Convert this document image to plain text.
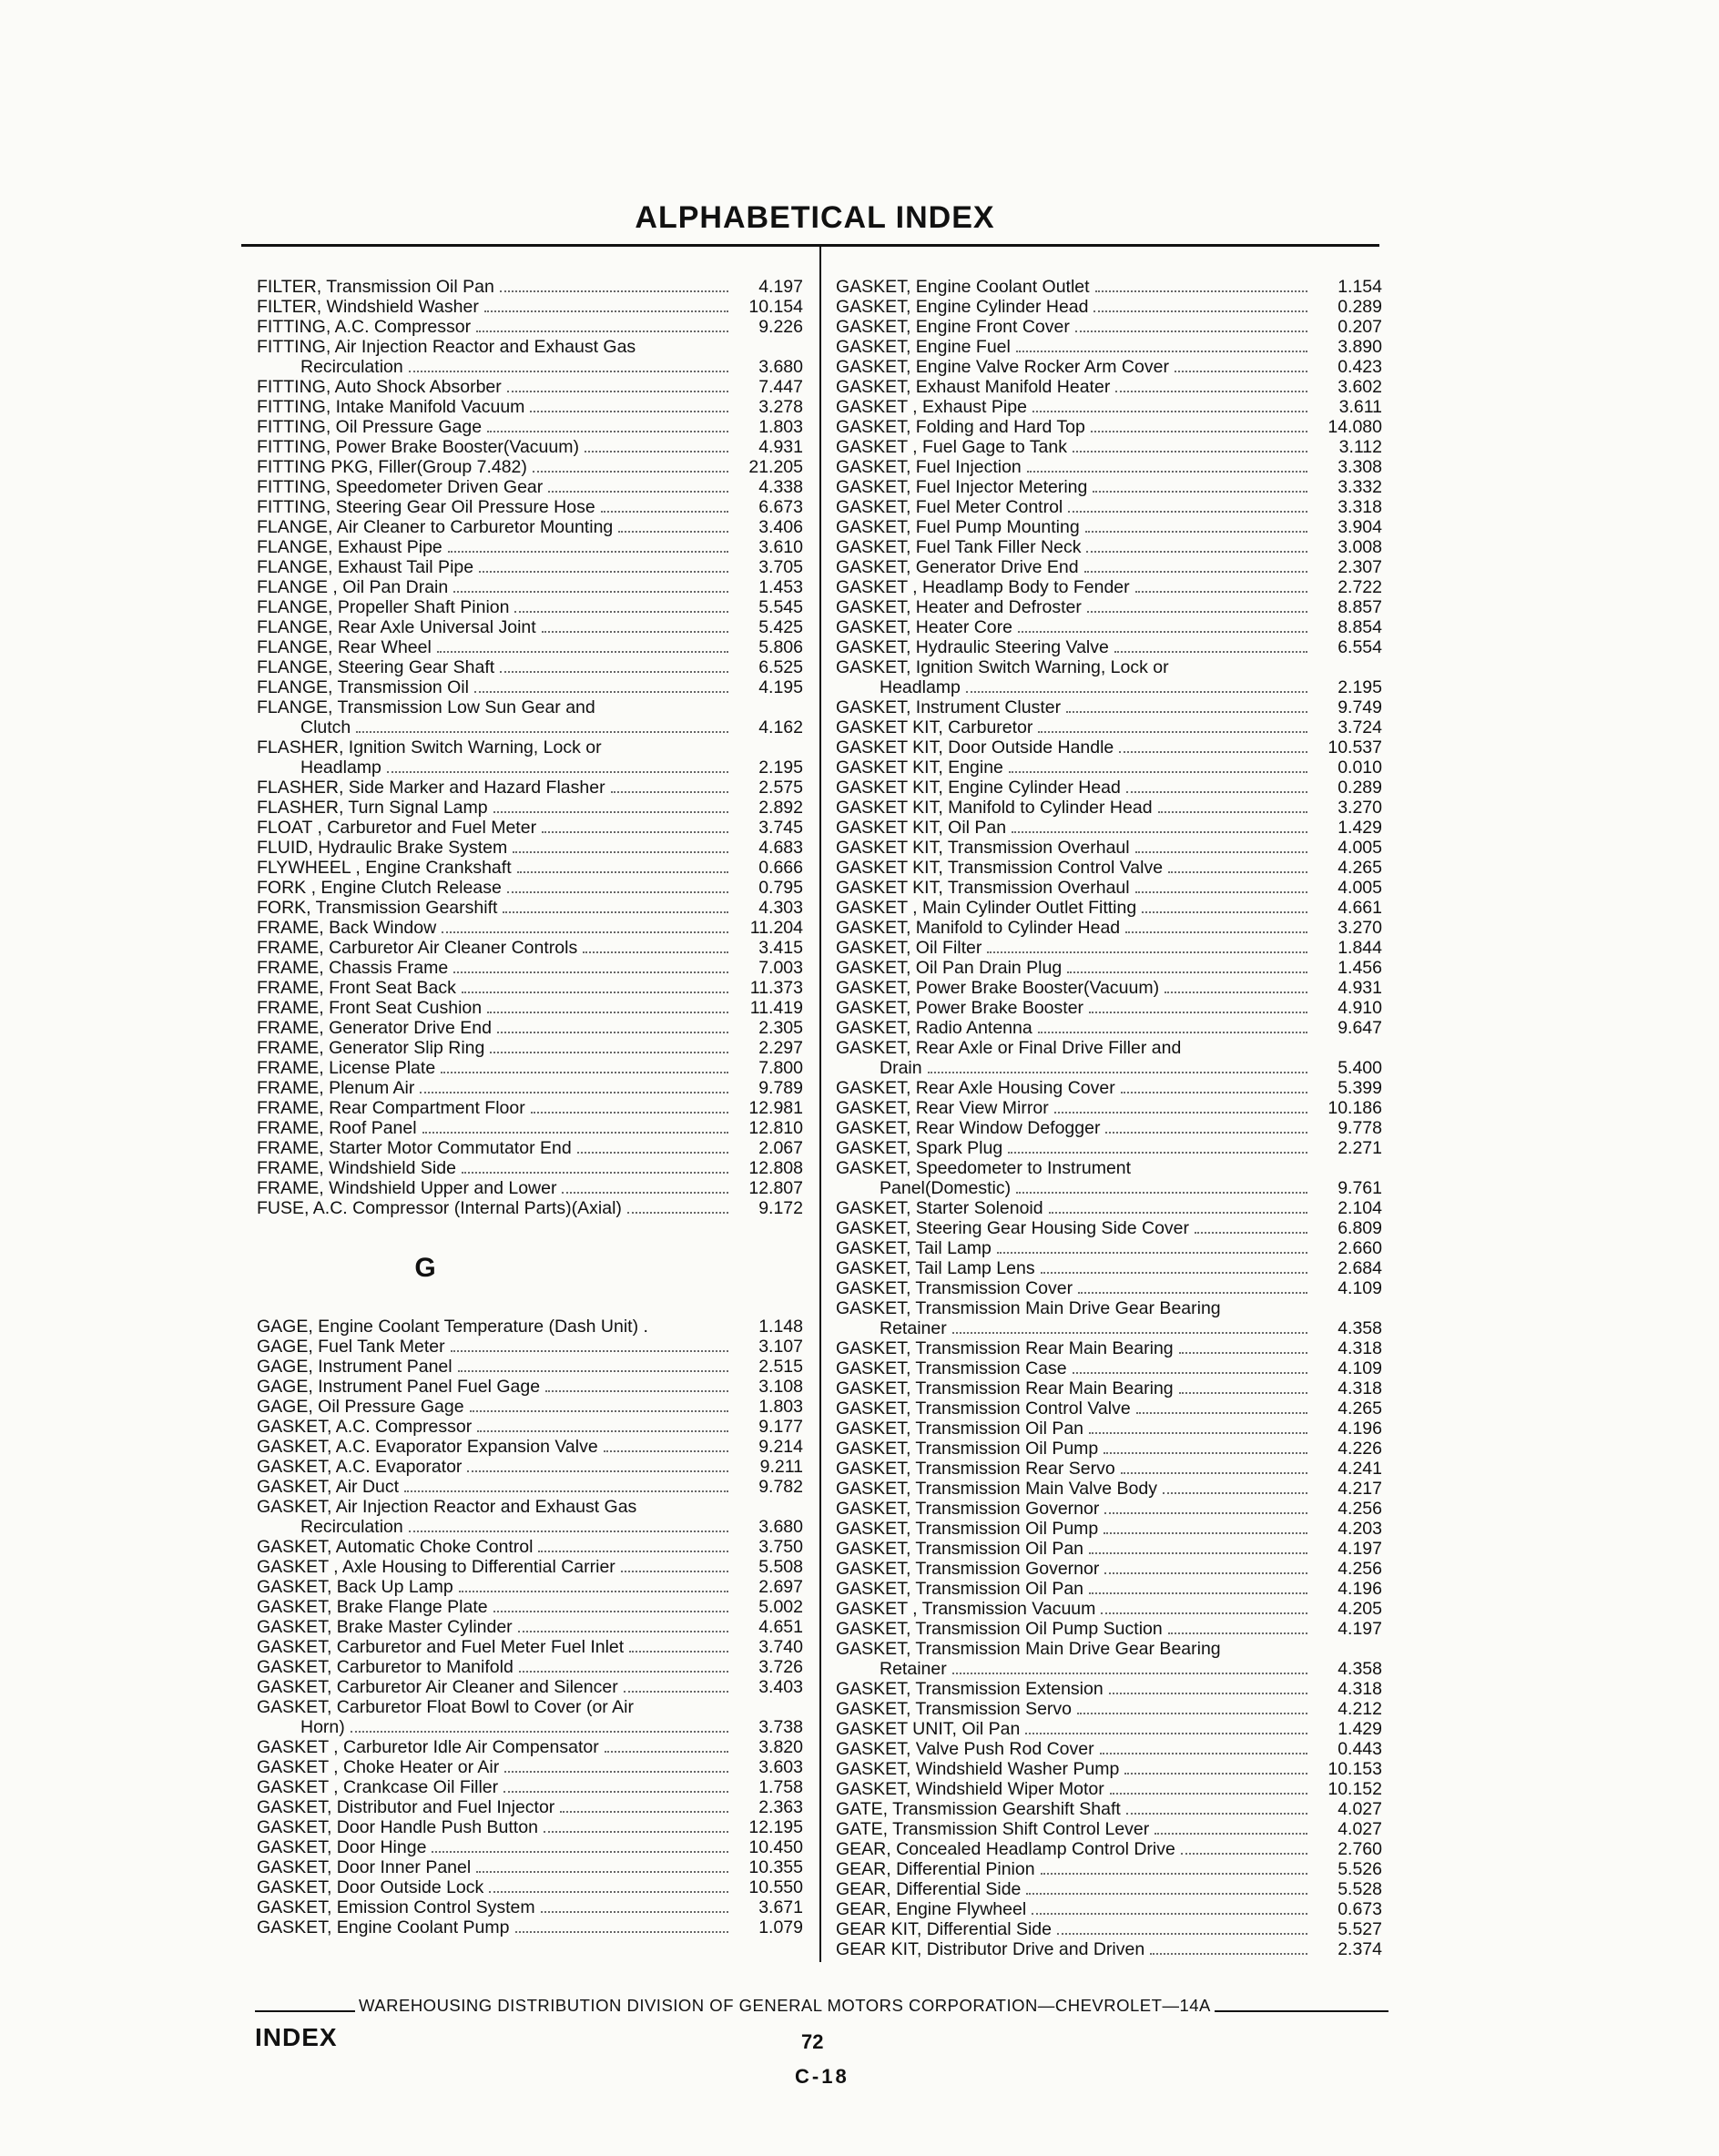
ALPHABETICAL INDEX
FILTER, Transmission Oil Pan	4.197
FILTER, Windshield Washer	10.154
FITTING, A.C. Compressor	9.226
FITTING, Air Injection Reactor and Exhaust Gas
Recirculation	3.680
FITTING, Auto Shock Absorber	7.447
FITTING, Intake Manifold Vacuum	3.278
FITTING, Oil Pressure Gage	1.803
FITTING, Power Brake Booster(Vacuum)	4.931
FITTING PKG, Filler(Group 7.482)	21.205
FITTING, Speedometer Driven Gear	4.338
FITTING, Steering Gear Oil Pressure Hose	6.673
FLANGE, Air Cleaner to Carburetor Mounting	3.406
FLANGE, Exhaust Pipe	3.610
FLANGE, Exhaust Tail Pipe	3.705
FLANGE , Oil Pan Drain	1.453
FLANGE, Propeller Shaft Pinion	5.545
FLANGE, Rear Axle Universal Joint	5.425
FLANGE, Rear Wheel	5.806
FLANGE, Steering Gear Shaft	6.525
FLANGE, Transmission Oil	4.195
FLANGE, Transmission Low Sun Gear and
Clutch	4.162
FLASHER, Ignition Switch Warning, Lock or
Headlamp	2.195
FLASHER, Side Marker and Hazard Flasher	2.575
FLASHER, Turn Signal Lamp	2.892
FLOAT , Carburetor and Fuel Meter	3.745
FLUID, Hydraulic Brake System	4.683
FLYWHEEL , Engine Crankshaft	0.666
FORK , Engine Clutch Release	0.795
FORK, Transmission Gearshift	4.303
FRAME, Back Window	11.204
FRAME, Carburetor Air Cleaner Controls	3.415
FRAME, Chassis Frame	7.003
FRAME, Front Seat Back	11.373
FRAME, Front Seat Cushion	11.419
FRAME, Generator Drive End	2.305
FRAME, Generator Slip Ring	2.297
FRAME, License Plate	7.800
FRAME, Plenum Air	9.789
FRAME, Rear Compartment Floor	12.981
FRAME, Roof Panel	12.810
FRAME, Starter Motor Commutator End	2.067
FRAME, Windshield Side	12.808
FRAME, Windshield Upper and Lower	12.807
FUSE, A.C. Compressor (Internal Parts)(Axial)	9.172
G
GAGE, Engine Coolant Temperature (Dash Unit) .	1.148
GAGE, Fuel Tank Meter	3.107
GAGE, Instrument Panel	2.515
GAGE, Instrument Panel Fuel Gage	3.108
GAGE, Oil Pressure Gage	1.803
GASKET, A.C. Compressor	9.177
GASKET, A.C. Evaporator Expansion Valve	9.214
GASKET, A.C. Evaporator	9.211
GASKET, Air Duct	9.782
GASKET, Air Injection Reactor and Exhaust Gas
Recirculation	3.680
GASKET, Automatic Choke Control	3.750
GASKET , Axle Housing to Differential Carrier	5.508
GASKET, Back Up Lamp	2.697
GASKET, Brake Flange Plate	5.002
GASKET, Brake Master Cylinder	4.651
GASKET, Carburetor and Fuel Meter Fuel Inlet	3.740
GASKET, Carburetor to Manifold	3.726
GASKET, Carburetor Air Cleaner and Silencer	3.403
GASKET, Carburetor Float Bowl to Cover (or Air
Horn)	3.738
GASKET , Carburetor Idle Air Compensator	3.820
GASKET , Choke Heater or Air	3.603
GASKET , Crankcase Oil Filler	1.758
GASKET, Distributor and Fuel Injector	2.363
GASKET, Door Handle Push Button	12.195
GASKET, Door Hinge	10.450
GASKET, Door Inner Panel	10.355
GASKET, Door Outside Lock	10.550
GASKET, Emission Control System	3.671
GASKET, Engine Coolant Pump	1.079
GASKET, Engine Coolant Outlet	1.154
GASKET, Engine Cylinder Head	0.289
GASKET, Engine Front Cover	0.207
GASKET, Engine Fuel	3.890
GASKET, Engine Valve Rocker Arm Cover	0.423
GASKET, Exhaust Manifold Heater	3.602
GASKET , Exhaust Pipe	3.611
GASKET, Folding and Hard Top	14.080
GASKET , Fuel Gage to Tank	3.112
GASKET, Fuel Injection	3.308
GASKET, Fuel Injector Metering	3.332
GASKET, Fuel Meter Control	3.318
GASKET, Fuel Pump Mounting	3.904
GASKET, Fuel Tank Filler Neck	3.008
GASKET, Generator Drive End	2.307
GASKET , Headlamp Body to Fender	2.722
GASKET, Heater and Defroster	8.857
GASKET, Heater Core	8.854
GASKET, Hydraulic Steering Valve	6.554
GASKET, Ignition Switch Warning, Lock or
Headlamp	2.195
GASKET, Instrument Cluster	9.749
GASKET KIT, Carburetor	3.724
GASKET KIT, Door Outside Handle	10.537
GASKET KIT, Engine	0.010
GASKET KIT, Engine Cylinder Head	0.289
GASKET KIT, Manifold to Cylinder Head	3.270
GASKET KIT, Oil Pan	1.429
GASKET KIT, Transmission Overhaul	4.005
GASKET KIT, Transmission Control Valve	4.265
GASKET KIT, Transmission Overhaul	4.005
GASKET , Main Cylinder Outlet Fitting	4.661
GASKET, Manifold to Cylinder Head	3.270
GASKET, Oil Filter	1.844
GASKET, Oil Pan Drain Plug	1.456
GASKET, Power Brake Booster(Vacuum)	4.931
GASKET, Power Brake Booster	4.910
GASKET, Radio Antenna	9.647
GASKET, Rear Axle or Final Drive Filler and
Drain	5.400
GASKET, Rear Axle Housing Cover	5.399
GASKET, Rear View Mirror	10.186
GASKET, Rear Window Defogger	9.778
GASKET, Spark Plug	2.271
GASKET, Speedometer to Instrument
Panel(Domestic)	9.761
GASKET, Starter Solenoid	2.104
GASKET, Steering Gear Housing Side Cover	6.809
GASKET, Tail Lamp	2.660
GASKET, Tail Lamp Lens	2.684
GASKET, Transmission Cover	4.109
GASKET, Transmission Main Drive Gear Bearing
Retainer	4.358
GASKET, Transmission Rear Main Bearing	4.318
GASKET, Transmission Case	4.109
GASKET, Transmission Rear Main Bearing	4.318
GASKET, Transmission Control Valve	4.265
GASKET, Transmission Oil Pan	4.196
GASKET, Transmission Oil Pump	4.226
GASKET, Transmission Rear Servo	4.241
GASKET, Transmission Main Valve Body	4.217
GASKET, Transmission Governor	4.256
GASKET, Transmission Oil Pump	4.203
GASKET, Transmission Oil Pan	4.197
GASKET, Transmission Governor	4.256
GASKET, Transmission Oil Pan	4.196
GASKET , Transmission Vacuum	4.205
GASKET, Transmission Oil Pump Suction	4.197
GASKET, Transmission Main Drive Gear Bearing
Retainer	4.358
GASKET, Transmission Extension	4.318
GASKET, Transmission Servo	4.212
GASKET UNIT, Oil Pan	1.429
GASKET, Valve Push Rod Cover	0.443
GASKET, Windshield Washer Pump	10.153
GASKET, Windshield Wiper Motor	10.152
GATE, Transmission Gearshift Shaft	4.027
GATE, Transmission Shift Control Lever	4.027
GEAR, Concealed Headlamp Control Drive	2.760
GEAR, Differential Pinion	5.526
GEAR, Differential Side	5.528
GEAR, Engine Flywheel	0.673
GEAR KIT, Differential Side	5.527
GEAR KIT, Distributor Drive and Driven	2.374
WAREHOUSING DISTRIBUTION DIVISION OF GENERAL MOTORS CORPORATION—CHEVROLET—14A
INDEX	72
C-18
